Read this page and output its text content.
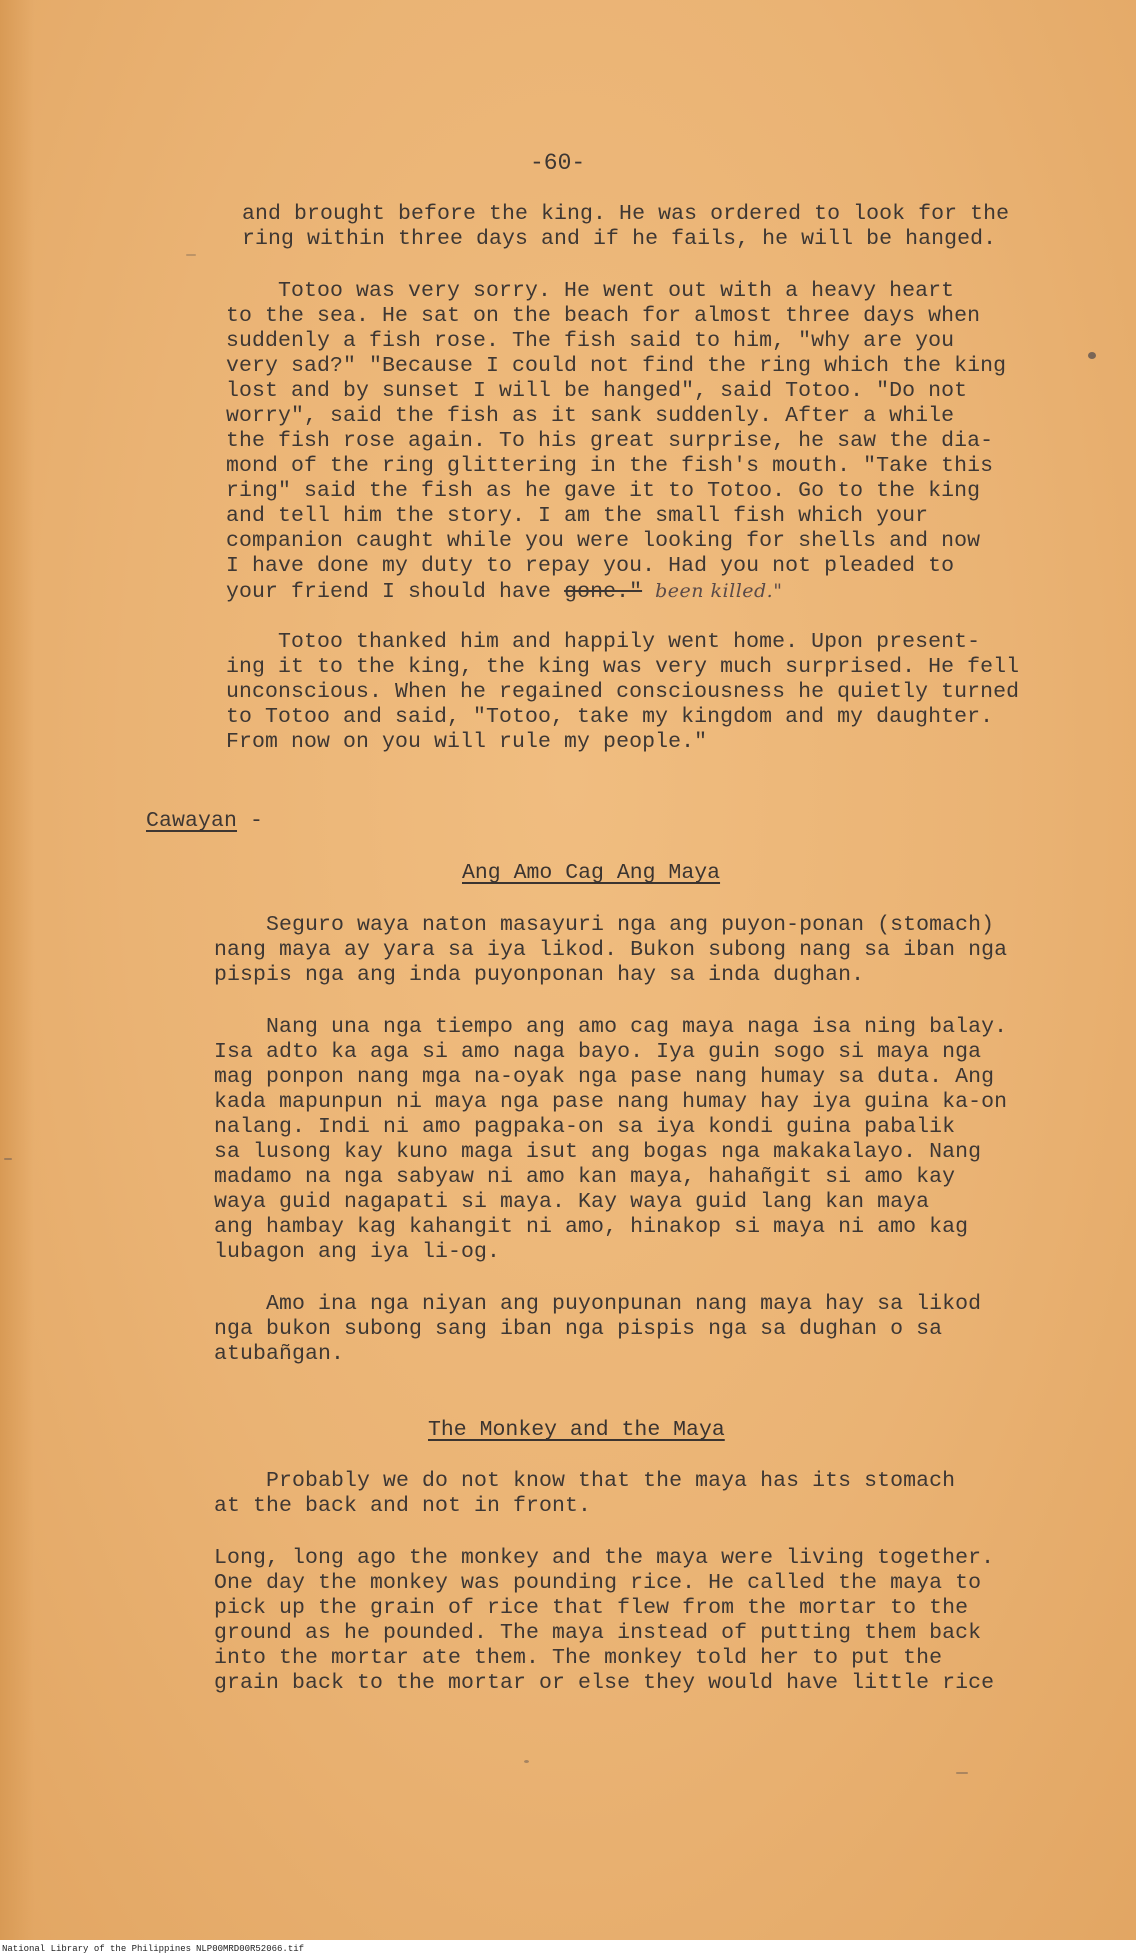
-60-
and brought before the king. He was ordered to look for the
ring within three days and if he fails, he will be hanged.
Totoo was very sorry. He went out with a heavy heart
to the sea. He sat on the beach for almost three days when
suddenly a fish rose. The fish said to him, "why are you
very sad?" "Because I could not find the ring which the king
lost and by sunset I will be hanged", said Totoo. "Do not
worry", said the fish as it sank suddenly. After a while
the fish rose again. To his great surprise, he saw the dia-
mond of the ring glittering in the fish's mouth. "Take this
ring" said the fish as he gave it to Totoo. Go to the king
and tell him the story. I am the small fish which your
companion caught while you were looking for shells and now
I have done my duty to repay you. Had you not pleaded to
your friend I should have gone." been killed."
Totoo thanked him and happily went home. Upon present-
ing it to the king, the king was very much surprised. He fell
unconscious. When he regained consciousness he quietly turned
to Totoo and said, "Totoo, take my kingdom and my daughter.
From now on you will rule my people."
Cawayan -
Ang Amo Cag Ang Maya
Seguro waya naton masayuri nga ang puyon-ponan (stomach)
nang maya ay yara sa iya likod. Bukon subong nang sa iban nga
pispis nga ang inda puyonponan hay sa inda dughan.
Nang una nga tiempo ang amo cag maya naga isa ning balay.
Isa adto ka aga si amo naga bayo. Iya guin sogo si maya nga
mag ponpon nang mga na-oyak nga pase nang humay sa duta. Ang
kada mapunpun ni maya nga pase nang humay hay iya guina ka-on
nalang. Indi ni amo pagpaka-on sa iya kondi guina pabalik
sa lusong kay kuno maga isut ang bogas nga makakalayo. Nang
madamo na nga sabyaw ni amo kan maya, hahañgit si amo kay
waya guid nagapati si maya. Kay waya guid lang kan maya
ang hambay kag kahangit ni amo, hinakop si maya ni amo kag
lubagon ang iya li-og.
Amo ina nga niyan ang puyonpunan nang maya hay sa likod
nga bukon subong sang iban nga pispis nga sa dughan o sa
atubañgan.
The Monkey and the Maya
Probably we do not know that the maya has its stomach
at the back and not in front.
Long, long ago the monkey and the maya were living together.
One day the monkey was pounding rice. He called the maya to
pick up the grain of rice that flew from the mortar to the
ground as he pounded. The maya instead of putting them back
into the mortar ate them. The monkey told her to put the
grain back to the mortar or else they would have little rice
National Library of the Philippines NLP00MRD00R52066.tif
